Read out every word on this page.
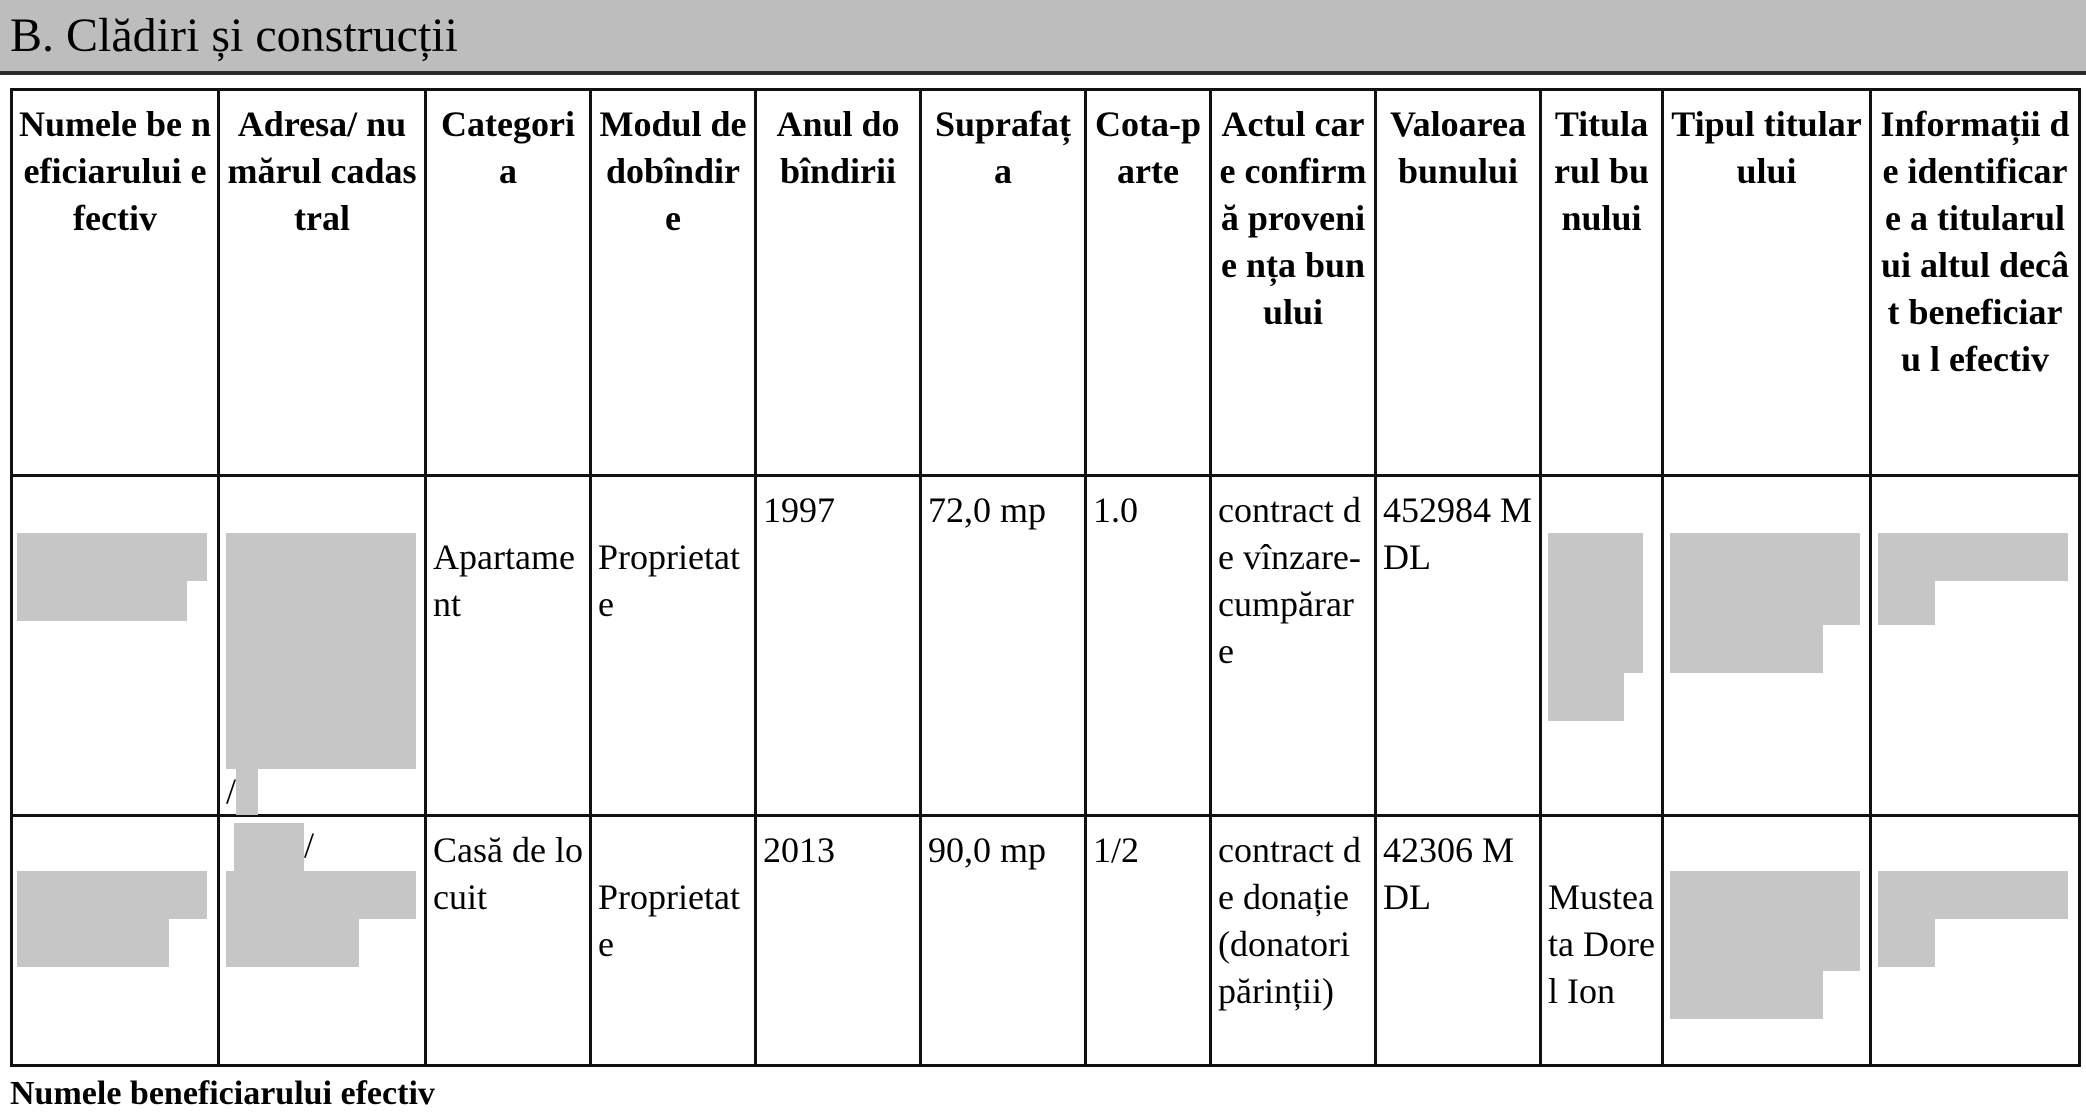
B. Clădiri și construcții
Numele be neficiarului efectiv	Adresa/ numărul cadastral	Categori a	Modul de dobîndir e	Anul do bîndirii	Suprafaț a	Cota-parte	Actul care confirmă provenie nța bunului	Valoarea bunului	Titula rul bu nului	Tipul titularului	Informații de identificare a titularului altul decât beneficiaru l efectiv

	/	Apartament	Proprietate	1997	72,0 mp	1.0	contract de vînzare-cumpărare	452984 MDL	

	/	Casă de locuit	Proprietate	2013	90,0 mp	1/2	contract de donație (donatori părinții)	42306 MDL	Musteata Dorel Ion	

Numele beneficiarului efectiv
